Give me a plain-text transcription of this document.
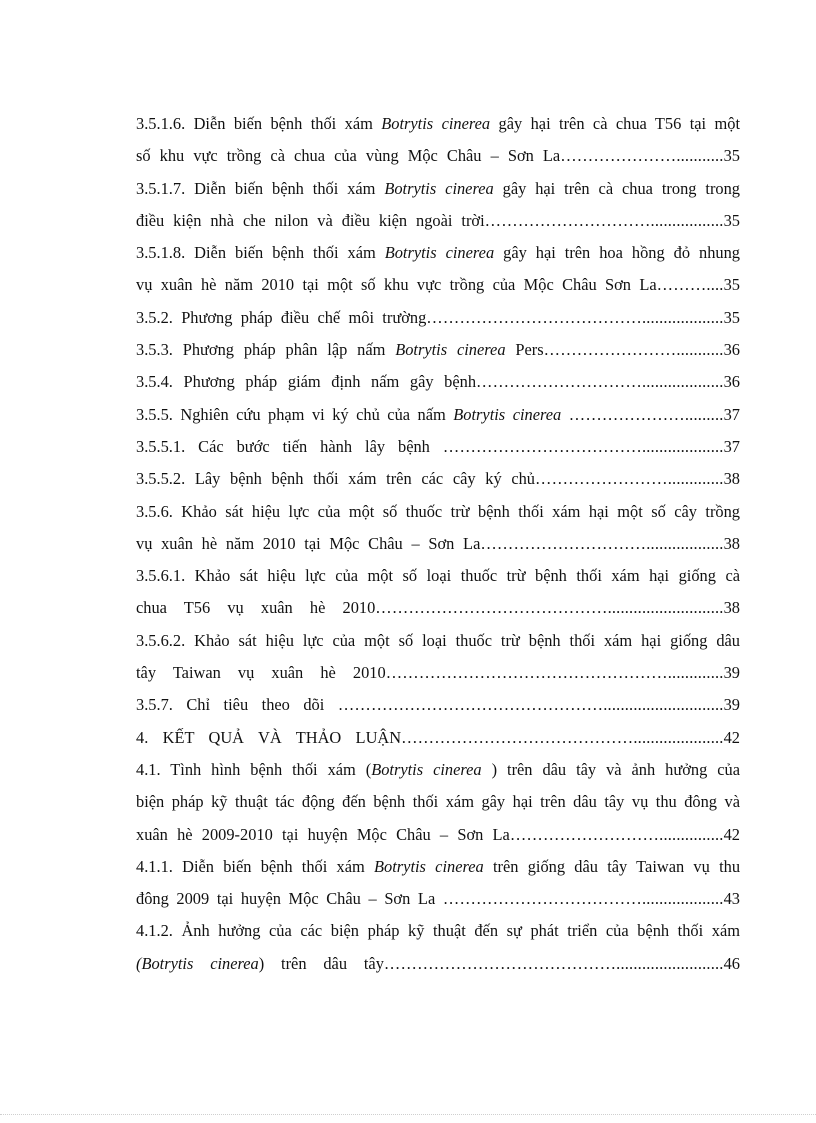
3.5.1.6. Diễn biến bệnh thối xám Botrytis cinerea gây hại trên cà chua T56 tại một
số khu vực trồng cà chua của vùng Mộc Châu – Sơn La…………………...........35
3.5.1.7. Diễn biến bệnh thối xám Botrytis cinerea gây hại trên cà chua trong trong
điều kiện nhà che nilon và điều kiện ngoài trời………………………….................35
3.5.1.8. Diễn biến bệnh thối xám Botrytis cinerea gây hại trên hoa hồng đỏ nhung
vụ xuân hè năm 2010 tại một số khu vực trồng của Mộc Châu Sơn La………....35
3.5.2. Phương pháp điều chế môi trường…………………………………...................35
3.5.3. Phương pháp phân lập nấm Botrytis cinerea Pers……………………...........36
3.5.4. Phương pháp giám định nấm gây bệnh…………………………...................36
3.5.5. Nghiên cứu phạm vi ký chủ của nấm Botrytis cinerea ………………….........37
3.5.5.1. Các bước tiến hành lây bệnh ………………………………...................37
3.5.5.2. Lây bệnh bệnh thối xám trên các cây ký chủ…………………….............38
3.5.6. Khảo sát hiệu lực của một số thuốc trừ bệnh thối xám hại một số cây trồng
vụ xuân hè năm 2010 tại Mộc Châu – Sơn La…………………………..................38
3.5.6.1. Khảo sát hiệu lực của một số loại thuốc trừ bệnh thối xám hại giống cà
chua T56 vụ xuân hè 2010……………………………………...........................38
3.5.6.2. Khảo sát hiệu lực của một số loại thuốc trừ bệnh thối xám hại giống dâu
tây Taiwan vụ xuân hè 2010…………………………………………….............39
3.5.7. Chỉ tiêu theo dõi …………………………………………............................39
4. KẾT QUẢ VÀ THẢO LUẬN…………………………………….....................42
4.1. Tình hình bệnh thối xám (Botrytis cinerea ) trên dâu tây và ảnh hưởng của
biện pháp kỹ thuật tác động đến bệnh thối xám gây hại trên dâu tây vụ thu đông và
xuân hè 2009-2010 tại huyện Mộc Châu – Sơn La………………………...............42
4.1.1. Diễn biến bệnh thối xám Botrytis cinerea trên giống dâu tây Taiwan vụ thu
đông 2009 tại huyện Mộc Châu – Sơn La ………………………………...................43
4.1.2. Ảnh hưởng của các biện pháp kỹ thuật đến sự phát triển của bệnh thối xám
(Botrytis cinerea) trên dâu tây…………………………………….........................46
